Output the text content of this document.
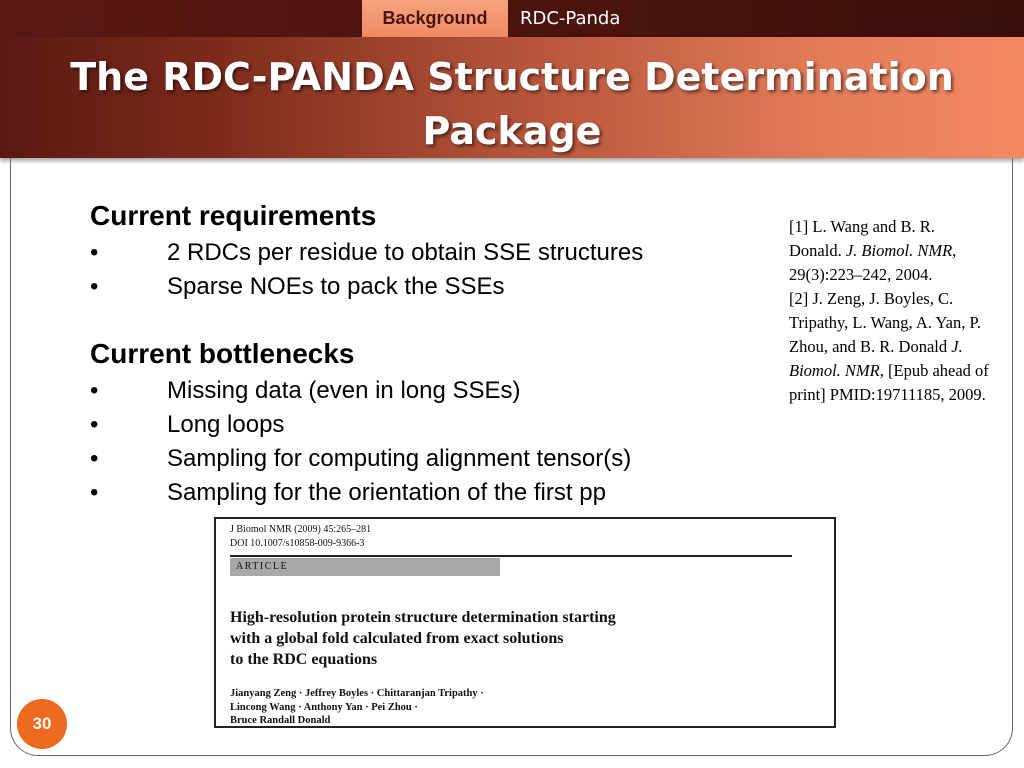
Background RDC-Panda
The RDC-PANDA Structure Determination Package
Current requirements
•	2 RDCs per residue to obtain SSE structures
•	Sparse NOEs to pack the SSEs
Current bottlenecks
•	Missing data (even in long SSEs)
•	Long loops
•	Sampling for computing alignment tensor(s)
•	Sampling for the orientation of the first pp

[1] L. Wang and B. R. Donald. J. Biomol. NMR, 29(3):223–242, 2004.

[2] J. Zeng, J. Boyles, C. Tripathy, L. Wang, A. Yan, P. Zhou, and B. R. Donald J. Biomol. NMR, [Epub ahead of print] PMID:19711185, 2009.

J Biomol NMR (2009) 45:265–281
DOI 10.1007/s10858-009-9366-3
ARTICLE
High-resolution protein structure determination starting
with a global fold calculated from exact solutions
to the RDC equations
Jianyang Zeng · Jeffrey Boyles · Chittaranjan Tripathy ·
Lincong Wang · Anthony Yan · Pei Zhou ·
Bruce Randall Donald
30
